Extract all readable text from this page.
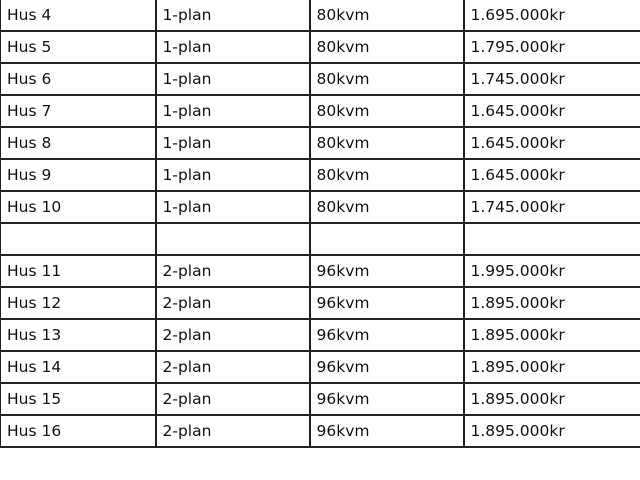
Hus 4	1-plan	80kvm	1.695.000kr
Hus 5	1-plan	80kvm	1.795.000kr
Hus 6	1-plan	80kvm	1.745.000kr
Hus 7	1-plan	80kvm	1.645.000kr
Hus 8	1-plan	80kvm	1.645.000kr
Hus 9	1-plan	80kvm	1.645.000kr
Hus 10	1-plan	80kvm	1.745.000kr

Hus 11	2-plan	96kvm	1.995.000kr
Hus 12	2-plan	96kvm	1.895.000kr
Hus 13	2-plan	96kvm	1.895.000kr
Hus 14	2-plan	96kvm	1.895.000kr
Hus 15	2-plan	96kvm	1.895.000kr
Hus 16	2-plan	96kvm	1.895.000kr
